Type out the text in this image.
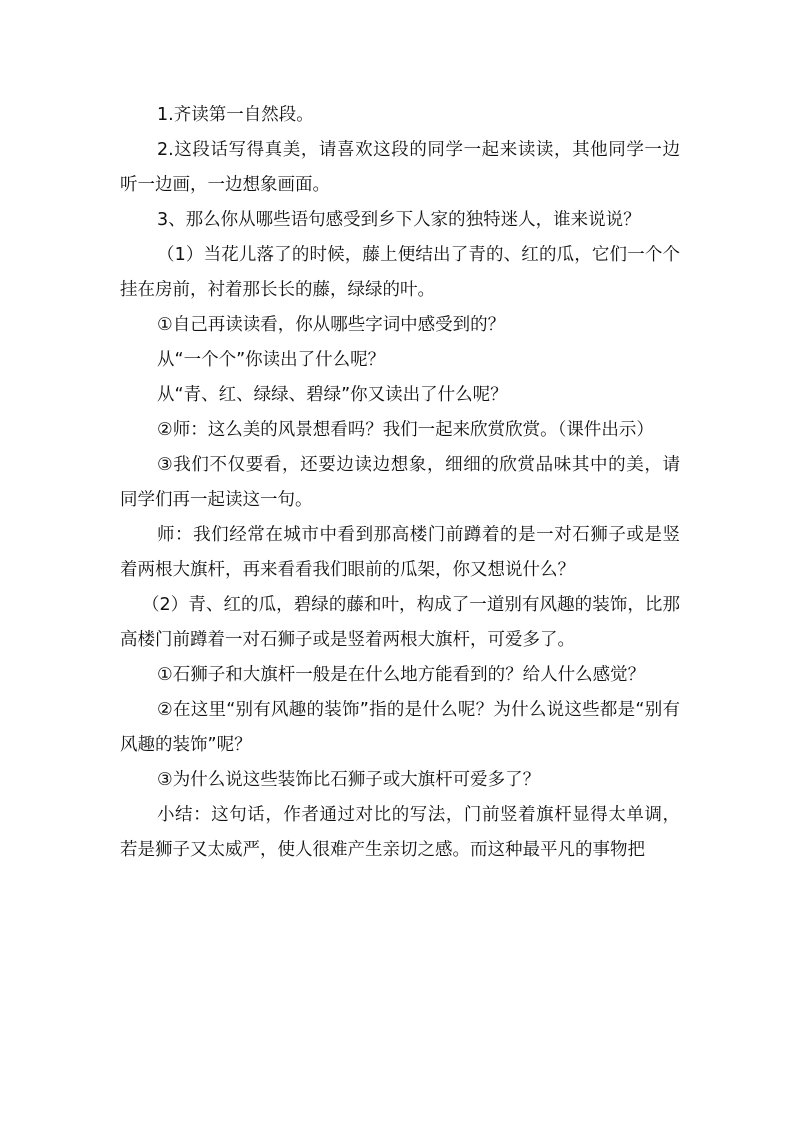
1.齐读第一自然段。

2.这段话写得真美，请喜欢这段的同学一起来读读，其他同学一边听一边画，一边想象画面。

3、那么你从哪些语句感受到乡下人家的独特迷人，谁来说说？

（1）当花儿落了的时候，藤上便结出了青的、红的瓜，它们一个个挂在房前，衬着那长长的藤，绿绿的叶。

①自己再读读看，你从哪些字词中感受到的？

从“一个个”你读出了什么呢？

从“青、红、绿绿、碧绿”你又读出了什么呢？

②师：这么美的风景想看吗？我们一起来欣赏欣赏。（课件出示）

③我们不仅要看，还要边读边想象，细细的欣赏品味其中的美，请同学们再一起读这一句。

师：我们经常在城市中看到那高楼门前蹲着的是一对石狮子或是竖着两根大旗杆，再来看看我们眼前的瓜架，你又想说什么？

（2）青、红的瓜，碧绿的藤和叶，构成了一道别有风趣的装饰，比那高楼门前蹲着一对石狮子或是竖着两根大旗杆，可爱多了。

①石狮子和大旗杆一般是在什么地方能看到的？给人什么感觉？

②在这里“别有风趣的装饰”指的是什么呢？为什么说这些都是“别有风趣的装饰”呢？

③为什么说这些装饰比石狮子或大旗杆可爱多了？

小结：这句话，作者通过对比的写法，门前竖着旗杆显得太单调，若是狮子又太威严，使人很难产生亲切之感。而这种最平凡的事物把
